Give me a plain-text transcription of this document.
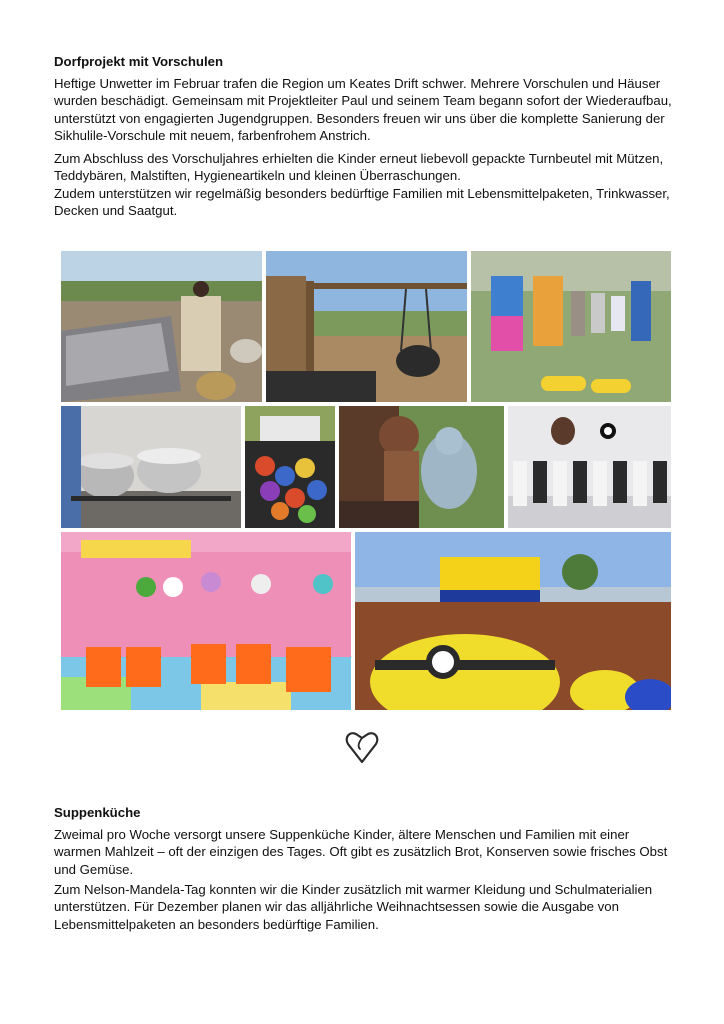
Dorfprojekt mit Vorschulen

Heftige Unwetter im Februar trafen die Region um Keates Drift schwer. Mehrere Vorschulen und Häuser wurden beschädigt. Gemeinsam mit Projektleiter Paul und seinem Team begann sofort der Wiederaufbau, unterstützt von engagierten Jugendgruppen. Besonders freuen wir uns über die komplette Sanierung der Sikhulile-Vorschule mit neuem, farbenfrohem Anstrich.

Zum Abschluss des Vorschuljahres erhielten die Kinder erneut liebevoll gepackte Turnbeutel mit Mützen, Teddybären, Malstiften, Hygieneartikeln und kleinen Überraschungen.

Zudem unterstützen wir regelmäßig besonders bedürftige Familien mit Lebensmittelpaketen, Trinkwasser, Decken und Saatgut.

Suppenküche

Zweimal pro Woche versorgt unsere Suppenküche Kinder, ältere Menschen und Familien mit einer warmen Mahlzeit – oft der einzigen des Tages. Oft gibt es zusätzlich Brot, Konserven sowie frisches Obst und Gemüse.

Zum Nelson-Mandela-Tag konnten wir die Kinder zusätzlich mit warmer Kleidung und Schulmaterialien unterstützen. Für Dezember planen wir das alljährliche Weihnachtsessen sowie die Ausgabe von Lebensmittelpaketen an besonders bedürftige Familien.
